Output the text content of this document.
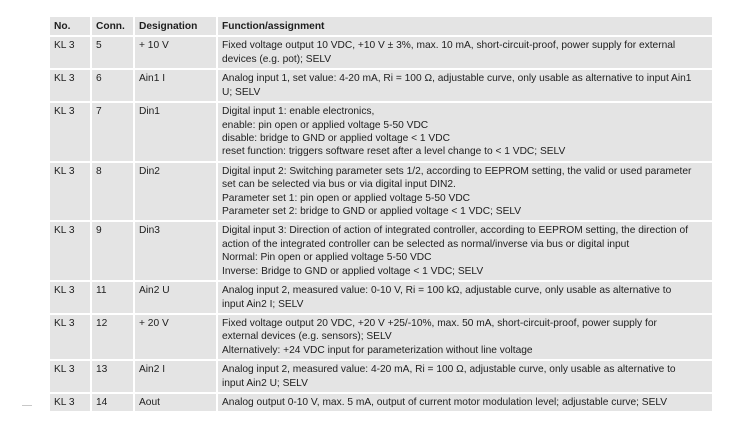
No.	Conn.	Designation	Function/assignment
KL 3	5	+ 10 V	Fixed voltage output 10 VDC, +10 V ± 3%, max. 10 mA, short-circuit-proof, power supply for external
devices (e.g. pot); SELV

KL 3	6	Ain1 I	Analog input 1, set value: 4-20 mA, Ri = 100 Ω, adjustable curve, only usable as alternative to input Ain1
U; SELV

KL 3	7	Din1	Digital input 1: enable electronics,
enable: pin open or applied voltage 5-50 VDC
disable: bridge to GND or applied voltage < 1 VDC
reset function: triggers software reset after a level change to < 1 VDC; SELV

KL 3	8	Din2	Digital input 2: Switching parameter sets 1/2, according to EEPROM setting, the valid or used parameter
set can be selected via bus or via digital input DIN2.
Parameter set 1: pin open or applied voltage 5-50 VDC
Parameter set 2: bridge to GND or applied voltage < 1 VDC; SELV

KL 3	9	Din3	Digital input 3: Direction of action of integrated controller, according to EEPROM setting, the direction of
action of the integrated controller can be selected as normal/inverse via bus or digital input
Normal: Pin open or applied voltage 5-50 VDC
Inverse: Bridge to GND or applied voltage < 1 VDC; SELV

KL 3	11	Ain2 U	Analog input 2, measured value: 0-10 V, Ri = 100 kΩ, adjustable curve, only usable as alternative to
input Ain2 I; SELV

KL 3	12	+ 20 V	Fixed voltage output 20 VDC, +20 V +25/-10%, max. 50 mA, short-circuit-proof, power supply for
external devices (e.g. sensors); SELV
Alternatively: +24 VDC input for parameterization without line voltage

KL 3	13	Ain2 I	Analog input 2, measured value: 4-20 mA, Ri = 100 Ω, adjustable curve, only usable as alternative to
input Ain2 U; SELV

KL 3	14	Aout	Analog output 0-10 V, max. 5 mA, output of current motor modulation level; adjustable curve; SELV
